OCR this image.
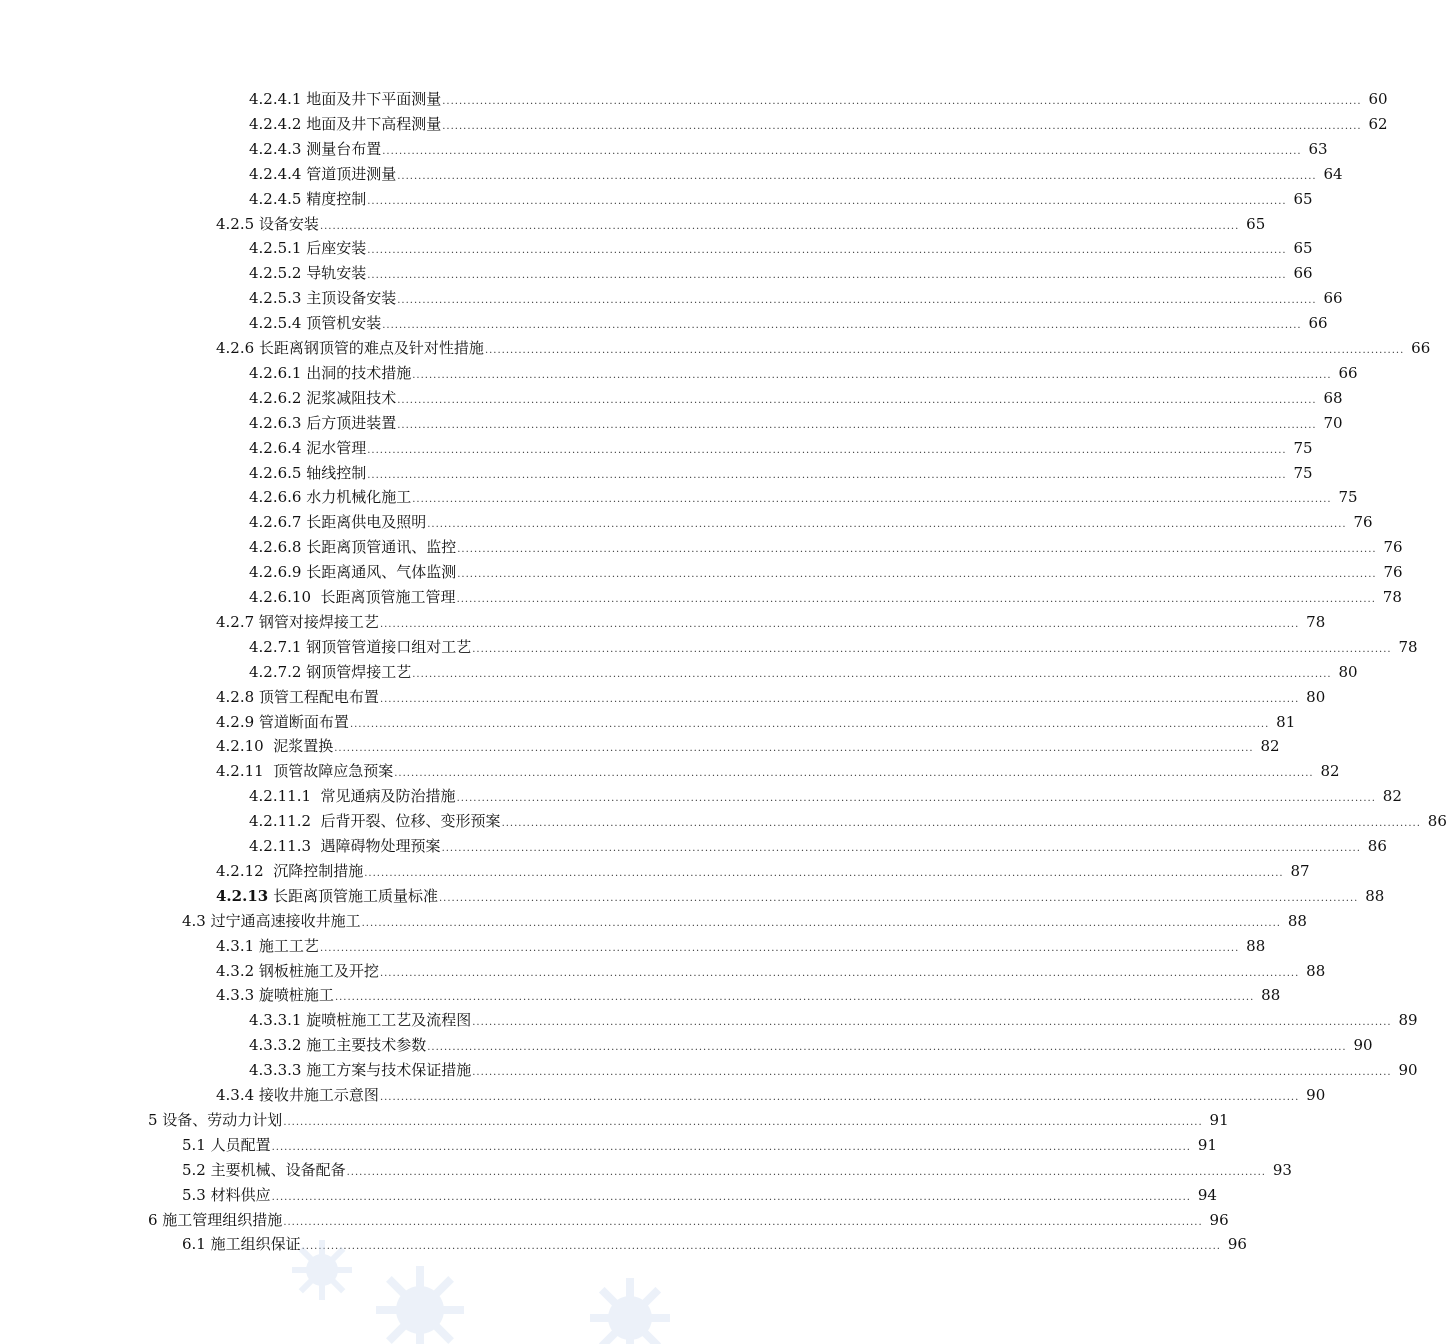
4.2.4.1 地面及井下平面测量 ............................................................................................................................................................................................................................ 60
4.2.4.2 地面及井下高程测量 ............................................................................................................................................................................................................................ 62
4.2.4.3 测量台布置 ............................................................................................................................................................................................................................ 63
4.2.4.4 管道顶进测量 ............................................................................................................................................................................................................................ 64
4.2.4.5 精度控制 ............................................................................................................................................................................................................................ 65
4.2.5 设备安装 ............................................................................................................................................................................................................................ 65
4.2.5.1 后座安装 ............................................................................................................................................................................................................................ 65
4.2.5.2 导轨安装 ............................................................................................................................................................................................................................ 66
4.2.5.3 主顶设备安装 ............................................................................................................................................................................................................................ 66
4.2.5.4 顶管机安装 ............................................................................................................................................................................................................................ 66
4.2.6 长距离钢顶管的难点及针对性措施 ............................................................................................................................................................................................................................ 66
4.2.6.1 出洞的技术措施 ............................................................................................................................................................................................................................ 66
4.2.6.2 泥浆减阻技术 ............................................................................................................................................................................................................................ 68
4.2.6.3 后方顶进装置 ............................................................................................................................................................................................................................ 70
4.2.6.4 泥水管理 ............................................................................................................................................................................................................................ 75
4.2.6.5 轴线控制 ............................................................................................................................................................................................................................ 75
4.2.6.6 水力机械化施工 ............................................................................................................................................................................................................................ 75
4.2.6.7 长距离供电及照明 ............................................................................................................................................................................................................................ 76
4.2.6.8 长距离顶管通讯、监控 ............................................................................................................................................................................................................................ 76
4.2.6.9 长距离通风、气体监测 ............................................................................................................................................................................................................................ 76
4.2.6.10  长距离顶管施工管理 ............................................................................................................................................................................................................................ 78
4.2.7 钢管对接焊接工艺 ............................................................................................................................................................................................................................ 78
4.2.7.1 钢顶管管道接口组对工艺 ............................................................................................................................................................................................................................ 78
4.2.7.2 钢顶管焊接工艺 ............................................................................................................................................................................................................................ 80
4.2.8 顶管工程配电布置 ............................................................................................................................................................................................................................ 80
4.2.9 管道断面布置 ............................................................................................................................................................................................................................ 81
4.2.10  泥浆置换 ............................................................................................................................................................................................................................ 82
4.2.11  顶管故障应急预案 ............................................................................................................................................................................................................................ 82
4.2.11.1  常见通病及防治措施 ............................................................................................................................................................................................................................ 82
4.2.11.2  后背开裂、位移、变形预案 ............................................................................................................................................................................................................................ 86
4.2.11.3  遇障碍物处理预案 ............................................................................................................................................................................................................................ 86
4.2.12  沉降控制措施 ............................................................................................................................................................................................................................ 87
4.2.13 长距离顶管施工质量标准 ............................................................................................................................................................................................................................ 88
4.3 过宁通高速接收井施工 ............................................................................................................................................................................................................................ 88
4.3.1 施工工艺 ............................................................................................................................................................................................................................ 88
4.3.2 钢板桩施工及开挖 ............................................................................................................................................................................................................................ 88
4.3.3 旋喷桩施工 ............................................................................................................................................................................................................................ 88
4.3.3.1 旋喷桩施工工艺及流程图 ............................................................................................................................................................................................................................ 89
4.3.3.2 施工主要技术参数 ............................................................................................................................................................................................................................ 90
4.3.3.3 施工方案与技术保证措施 ............................................................................................................................................................................................................................ 90
4.3.4 接收井施工示意图 ............................................................................................................................................................................................................................ 90
5 设备、劳动力计划 ............................................................................................................................................................................................................................ 91
5.1 人员配置 ............................................................................................................................................................................................................................ 91
5.2 主要机械、设备配备 ............................................................................................................................................................................................................................ 93
5.3 材料供应 ............................................................................................................................................................................................................................ 94
6 施工管理组织措施 ............................................................................................................................................................................................................................ 96
6.1 施工组织保证 ............................................................................................................................................................................................................................ 96
